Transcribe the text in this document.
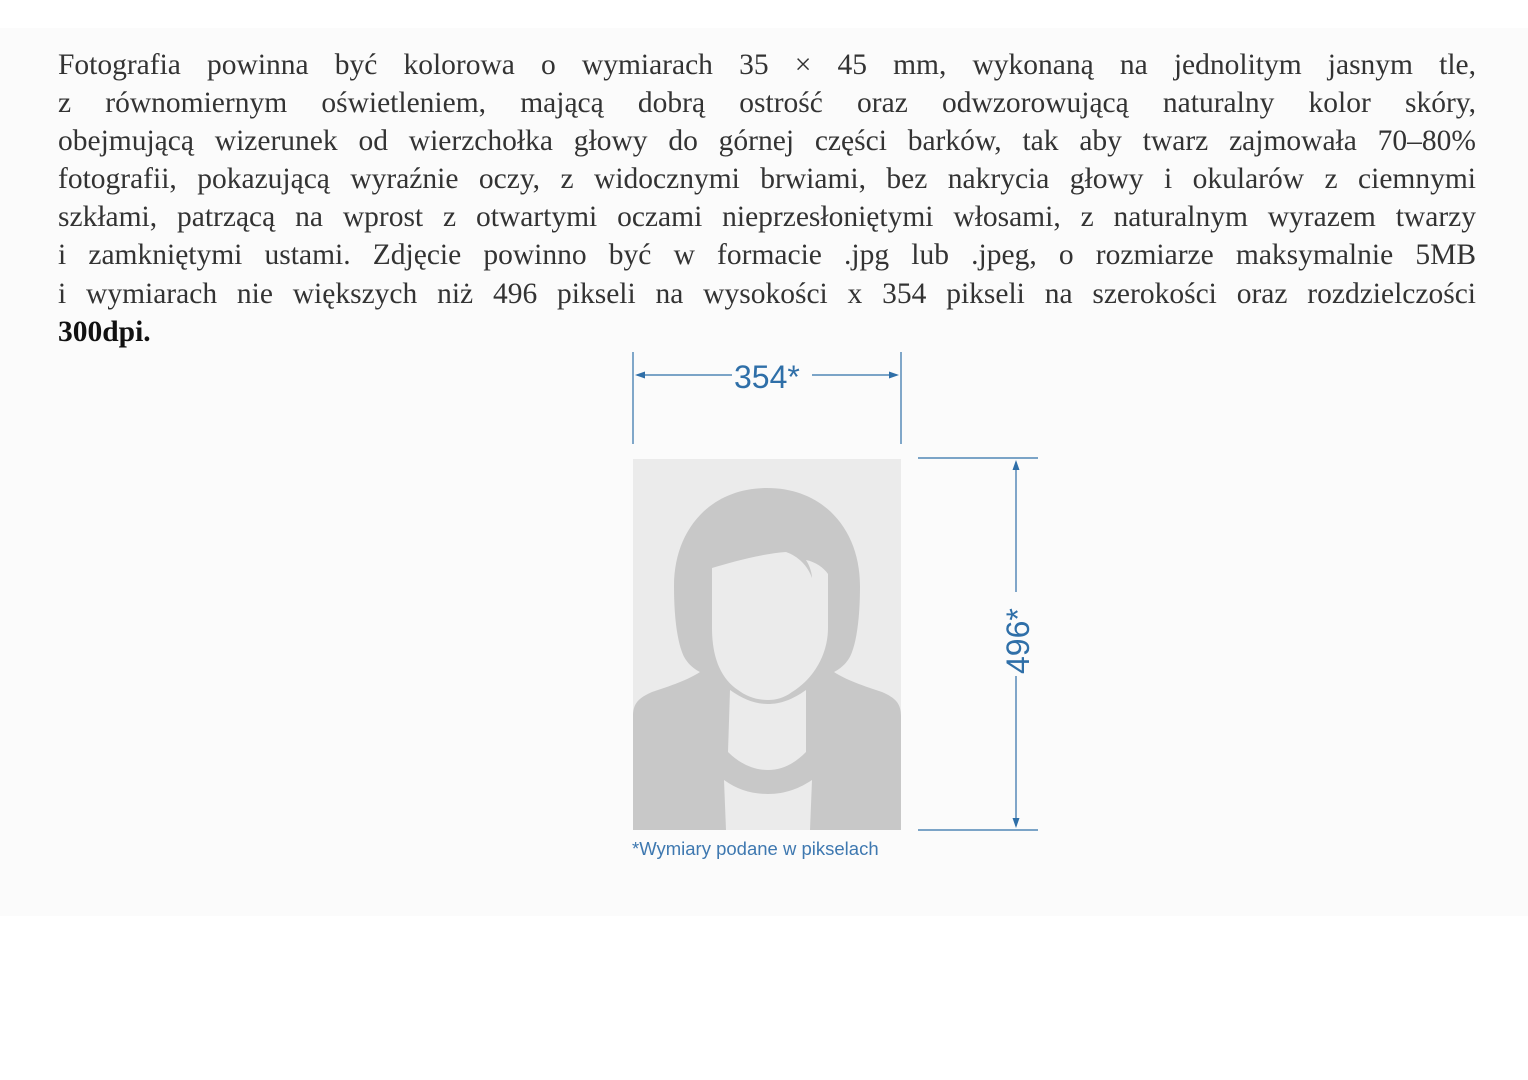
Fotografia powinna być kolorowa o wymiarach 35 × 45 mm, wykonaną na jednolitym jasnym tle,
z równomiernym oświetleniem, mającą dobrą ostrość oraz odwzorowującą naturalny kolor skóry,
obejmującą wizerunek od wierzchołka głowy do górnej części barków, tak aby twarz zajmowała 70–80%
fotografii, pokazującą wyraźnie oczy, z widocznymi brwiami, bez nakrycia głowy i okularów z ciemnymi
szkłami, patrzącą na wprost z otwartymi oczami nieprzesłoniętymi włosami, z naturalnym wyrazem twarzy
i zamkniętymi ustami. Zdjęcie powinno być w formacie .jpg lub .jpeg, o rozmiarze maksymalnie 5MB
i wymiarach nie większych niż 496 pikseli na wysokości x 354 pikseli na szerokości oraz rozdzielczości
300dpi.

354*
496*

*Wymiary podane w pikselach
